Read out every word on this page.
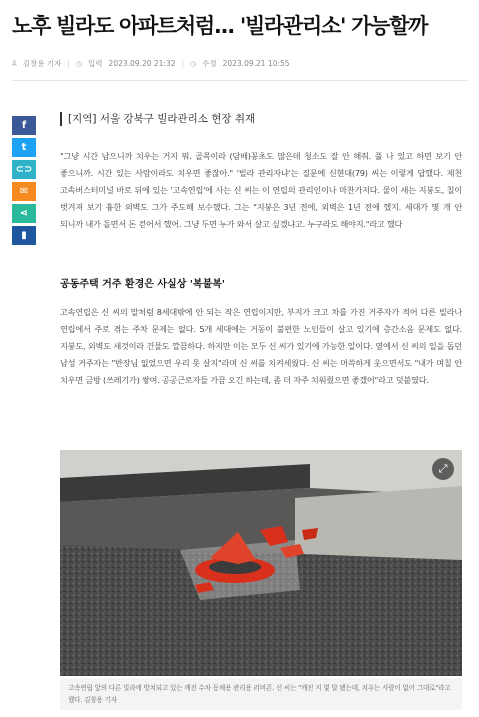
노후 빌라도 아파트처럼... '빌라관리소' 가능할까
Å 김창용 기자 | ◷ 입력 2023.09.20 21:32 | ◷ 수정 2023.09.21 10:55
f
t
⊂⊃
✉
⋖
▮
[지역] 서울 강북구 빌라관리소 현장 취재

"그냥 시간 남으니까 치우는 거지 뭐. 골목이라 (담배)꽁초도 많은데 청소도 잘 안 해줘. 풀 나 있고 하면 보기 안 좋으니까. 시간 있는 사람이라도 치우면 좋잖아." '빌라 관리자냐'는 질문에 신현대(79) 씨는 이렇게 답했다. 제천 고속버스터미널 바로 뒤에 있는 '고속연립'에 사는 신 씨는 이 연립의 관리인이나 마찬가지다. 물이 새는 지붕도, 칠이 벗겨져 보기 흉한 외벽도 그가 주도해 보수했다. 그는 "지붕은 3년 전에, 외벽은 1년 전에 했지. 세대가 몇 개 안 되니까 내가 돌면서 돈 걷어서 했어. 그냥 두면 누가 와서 살고 싶겠냐고. 누구라도 해야지."라고 했다

공동주택 거주 환경은 사실상 '복불복'

고속연립은 신 씨의 말처럼 8세대밖에 안 되는 작은 연립이지만, 부지가 크고 차를 가진 거주자가 적어 다른 빌라나 연립에서 주로 겪는 주차 문제는 없다. 5개 세대에는 거동이 불편한 노인들이 살고 있기에 층간소음 문제도 없다. 지붕도, 외벽도 새것이라 건물도 깔끔하다. 하지만 이는 모두 신 씨가 있기에 가능한 일이다. 옆에서 신 씨의 일을 돕던 남성 거주자는 "반장님 없었으면 우리 못 살지"라며 신 씨를 치켜세웠다. 신 씨는 머쓱하게 웃으면서도 "내가 며칠 안 치우면 금방 (쓰레기가) 쌓여. 공공근로자들 가끔 오긴 하는데, 좀 더 자주 치워줬으면 좋겠어"라고 덧붙였다.

⤢
고속연립 앞의 다른 빌라에 방치되고 있는 깨진 수차 동체용 관리용 러버콘. 신 씨는 "깨진 지 몇 달 됐는데, 치우는 사람이 없어 그대로"라고 했다. 김창용 기자
